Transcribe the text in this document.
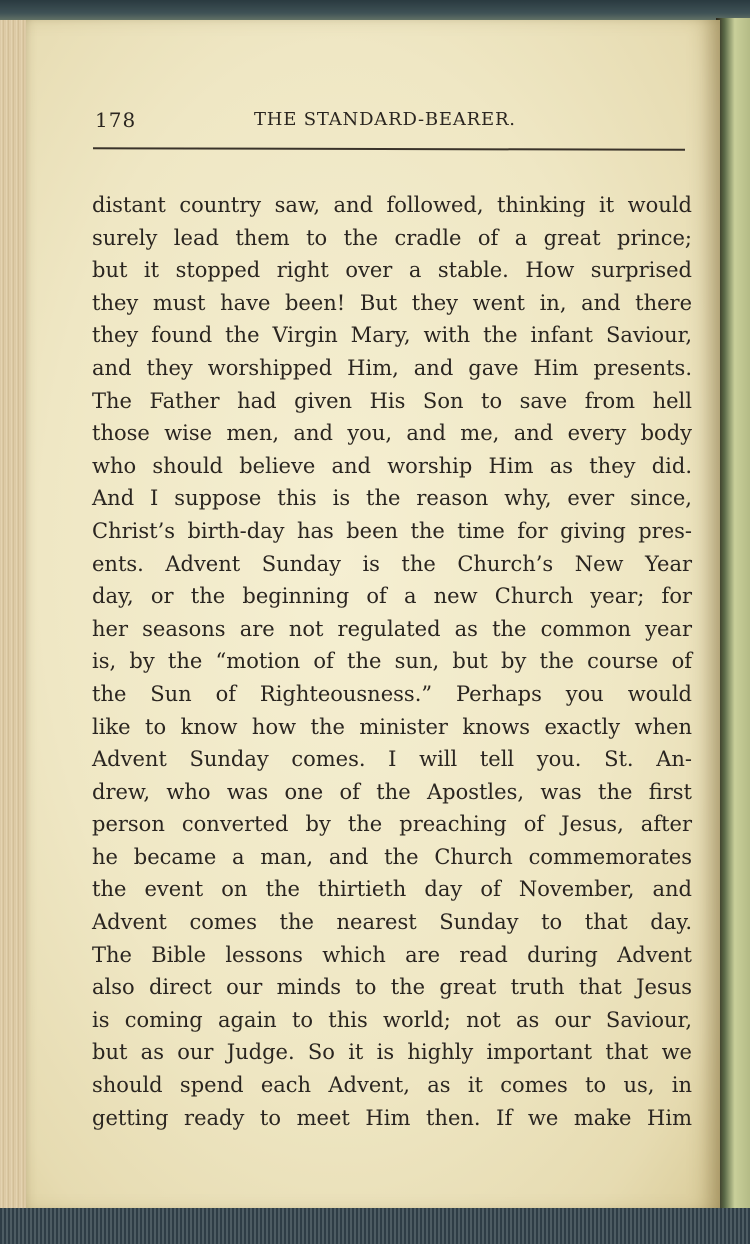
178	THE STANDARD-BEARER.
distant country saw, and followed, thinking it would
surely lead them to the cradle of a great prince;
but it stopped right over a stable. How surprised
they must have been! But they went in, and there
they found the Virgin Mary, with the infant Saviour,
and they worshipped Him, and gave Him presents.
The Father had given His Son to save from hell
those wise men, and you, and me, and every body
who should believe and worship Him as they did.
And I suppose this is the reason why, ever since,
Christ’s birth-day has been the time for giving pres-
ents. Advent Sunday is the Church’s New Year
day, or the beginning of a new Church year; for
her seasons are not regulated as the common year
is, by the “motion of the sun, but by the course of
the Sun of Righteousness.” Perhaps you would
like to know how the minister knows exactly when
Advent Sunday comes. I will tell you. St. An-
drew, who was one of the Apostles, was the first
person converted by the preaching of Jesus, after
he became a man, and the Church commemorates
the event on the thirtieth day of November, and
Advent comes the nearest Sunday to that day.
The Bible lessons which are read during Advent
also direct our minds to the great truth that Jesus
is coming again to this world; not as our Saviour,
but as our Judge. So it is highly important that we
should spend each Advent, as it comes to us, in
getting ready to meet Him then. If we make Him
